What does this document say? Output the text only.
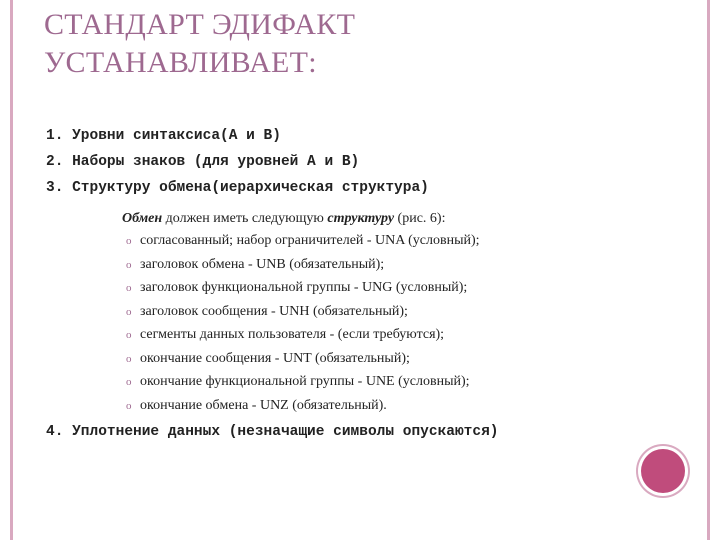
СТАНДАРТ ЭДИФАКТ
УСТАНАВЛИВАЕТ:
1. Уровни синтаксиса(А и В)
2. Наборы знаков (для уровней А и В)
3. Структуру обмена(иерархическая структура)
Обмен должен иметь следующую структуру (рис. 6):
o согласованный; набор ограничителей - UNA (условный);
o заголовок обмена - UNB (обязательный);
o заголовок функциональной группы - UNG (условный);
o заголовок сообщения - UNH (обязательный);
o сегменты данных пользователя - (если требуются);
o окончание сообщения - UNT (обязательный);
o окончание функциональной группы - UNE (условный);
o окончание обмена - UNZ (обязательный).

4. Уплотнение данных (незначащие символы опускаются)
